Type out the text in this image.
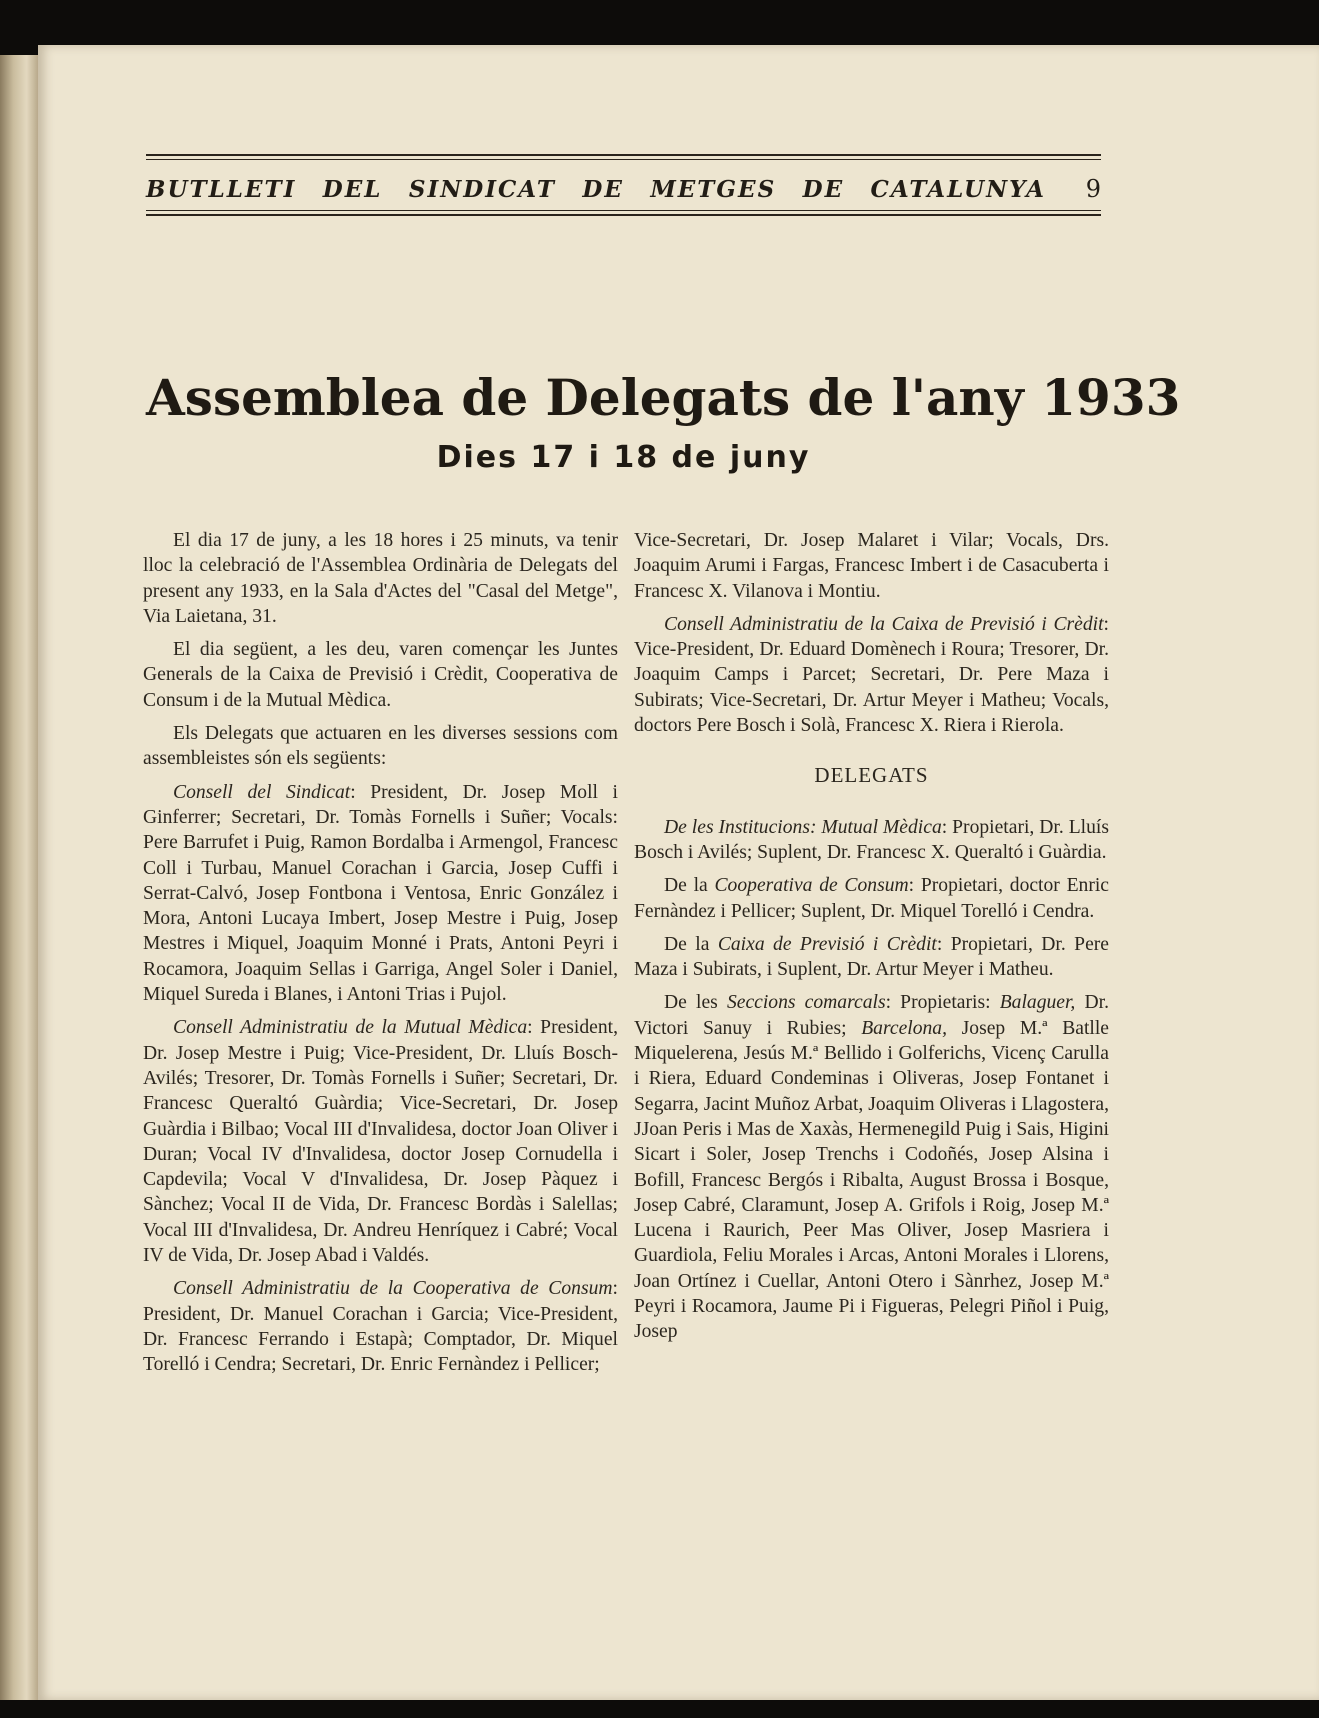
BUTLLETI DEL SINDICAT DE METGES DE CATALUNYA 9
Assemblea de Delegats de l'any 1933
Dies 17 i 18 de juny

El dia 17 de juny, a les 18 hores i 25 minuts, va tenir lloc la celebració de l'Assemblea Ordinària de Delegats del present any 1933, en la Sala d'Actes del "Casal del Metge", Via Laietana, 31.

El dia següent, a les deu, varen començar les Juntes Generals de la Caixa de Previsió i Crèdit, Cooperativa de Consum i de la Mutual Mèdica.

Els Delegats que actuaren en les diverses sessions com assembleistes són els següents:

Consell del Sindicat: President, Dr. Josep Moll i Ginferrer; Secretari, Dr. Tomàs Fornells i Suñer; Vocals: Pere Barrufet i Puig, Ramon Bordalba i Armengol, Francesc Coll i Turbau, Manuel Corachan i Garcia, Josep Cuffi i Serrat-Calvó, Josep Fontbona i Ventosa, Enric González i Mora, Antoni Lucaya Imbert, Josep Mestre i Puig, Josep Mestres i Miquel, Joaquim Monné i Prats, Antoni Peyri i Rocamora, Joaquim Sellas i Garriga, Angel Soler i Daniel, Miquel Sureda i Blanes, i Antoni Trias i Pujol.

Consell Administratiu de la Mutual Mèdica: President, Dr. Josep Mestre i Puig; Vice-President, Dr. Lluís Bosch-Avilés; Tresorer, Dr. Tomàs Fornells i Suñer; Secretari, Dr. Francesc Queraltó Guàrdia; Vice-Secretari, Dr. Josep Guàrdia i Bilbao; Vocal III d'Invalidesa, doctor Joan Oliver i Duran; Vocal IV d'Invalidesa, doctor Josep Cornudella i Capdevila; Vocal V d'Invalidesa, Dr. Josep Pàquez i Sànchez; Vocal II de Vida, Dr. Francesc Bordàs i Salellas; Vocal III d'Invalidesa, Dr. Andreu Henríquez i Cabré; Vocal IV de Vida, Dr. Josep Abad i Valdés.

Consell Administratiu de la Cooperativa de Consum: President, Dr. Manuel Corachan i Garcia; Vice-President, Dr. Francesc Ferrando i Estapà; Comptador, Dr. Miquel Torelló i Cendra; Secretari, Dr. Enric Fernàndez i Pellicer;

Vice-Secretari, Dr. Josep Malaret i Vilar; Vocals, Drs. Joaquim Arumi i Fargas, Francesc Imbert i de Casacuberta i Francesc X. Vilanova i Montiu.

Consell Administratiu de la Caixa de Previsió i Crèdit: Vice-President, Dr. Eduard Domènech i Roura; Tresorer, Dr. Joaquim Camps i Parcet; Secretari, Dr. Pere Maza i Subirats; Vice-Secretari, Dr. Artur Meyer i Matheu; Vocals, doctors Pere Bosch i Solà, Francesc X. Riera i Rierola.

DELEGATS

De les Institucions: Mutual Mèdica: Propietari, Dr. Lluís Bosch i Avilés; Suplent, Dr. Francesc X. Queraltó i Guàrdia.

De la Cooperativa de Consum: Propietari, doctor Enric Fernàndez i Pellicer; Suplent, Dr. Miquel Torelló i Cendra.

De la Caixa de Previsió i Crèdit: Propietari, Dr. Pere Maza i Subirats, i Suplent, Dr. Artur Meyer i Matheu.

De les Seccions comarcals: Propietaris: Balaguer, Dr. Victori Sanuy i Rubies; Barcelona, Josep M.ª Batlle Miquelerena, Jesús M.ª Bellido i Golferichs, Vicenç Carulla i Riera, Eduard Condeminas i Oliveras, Josep Fontanet i Segarra, Jacint Muñoz Arbat, Joaquim Oliveras i Llagostera, JJoan Peris i Mas de Xaxàs, Hermenegild Puig i Sais, Higini Sicart i Soler, Josep Trenchs i Codoñés, Josep Alsina i Bofill, Francesc Bergós i Ribalta, August Brossa i Bosque, Josep Cabré, Claramunt, Josep A. Grifols i Roig, Josep M.ª Lucena i Raurich, Peer Mas Oliver, Josep Masriera i Guardiola, Feliu Morales i Arcas, Antoni Morales i Llorens, Joan Ortínez i Cuellar, Antoni Otero i Sànrhez, Josep M.ª Peyri i Rocamora, Jaume Pi i Figueras, Pelegri Piñol i Puig, Josep
